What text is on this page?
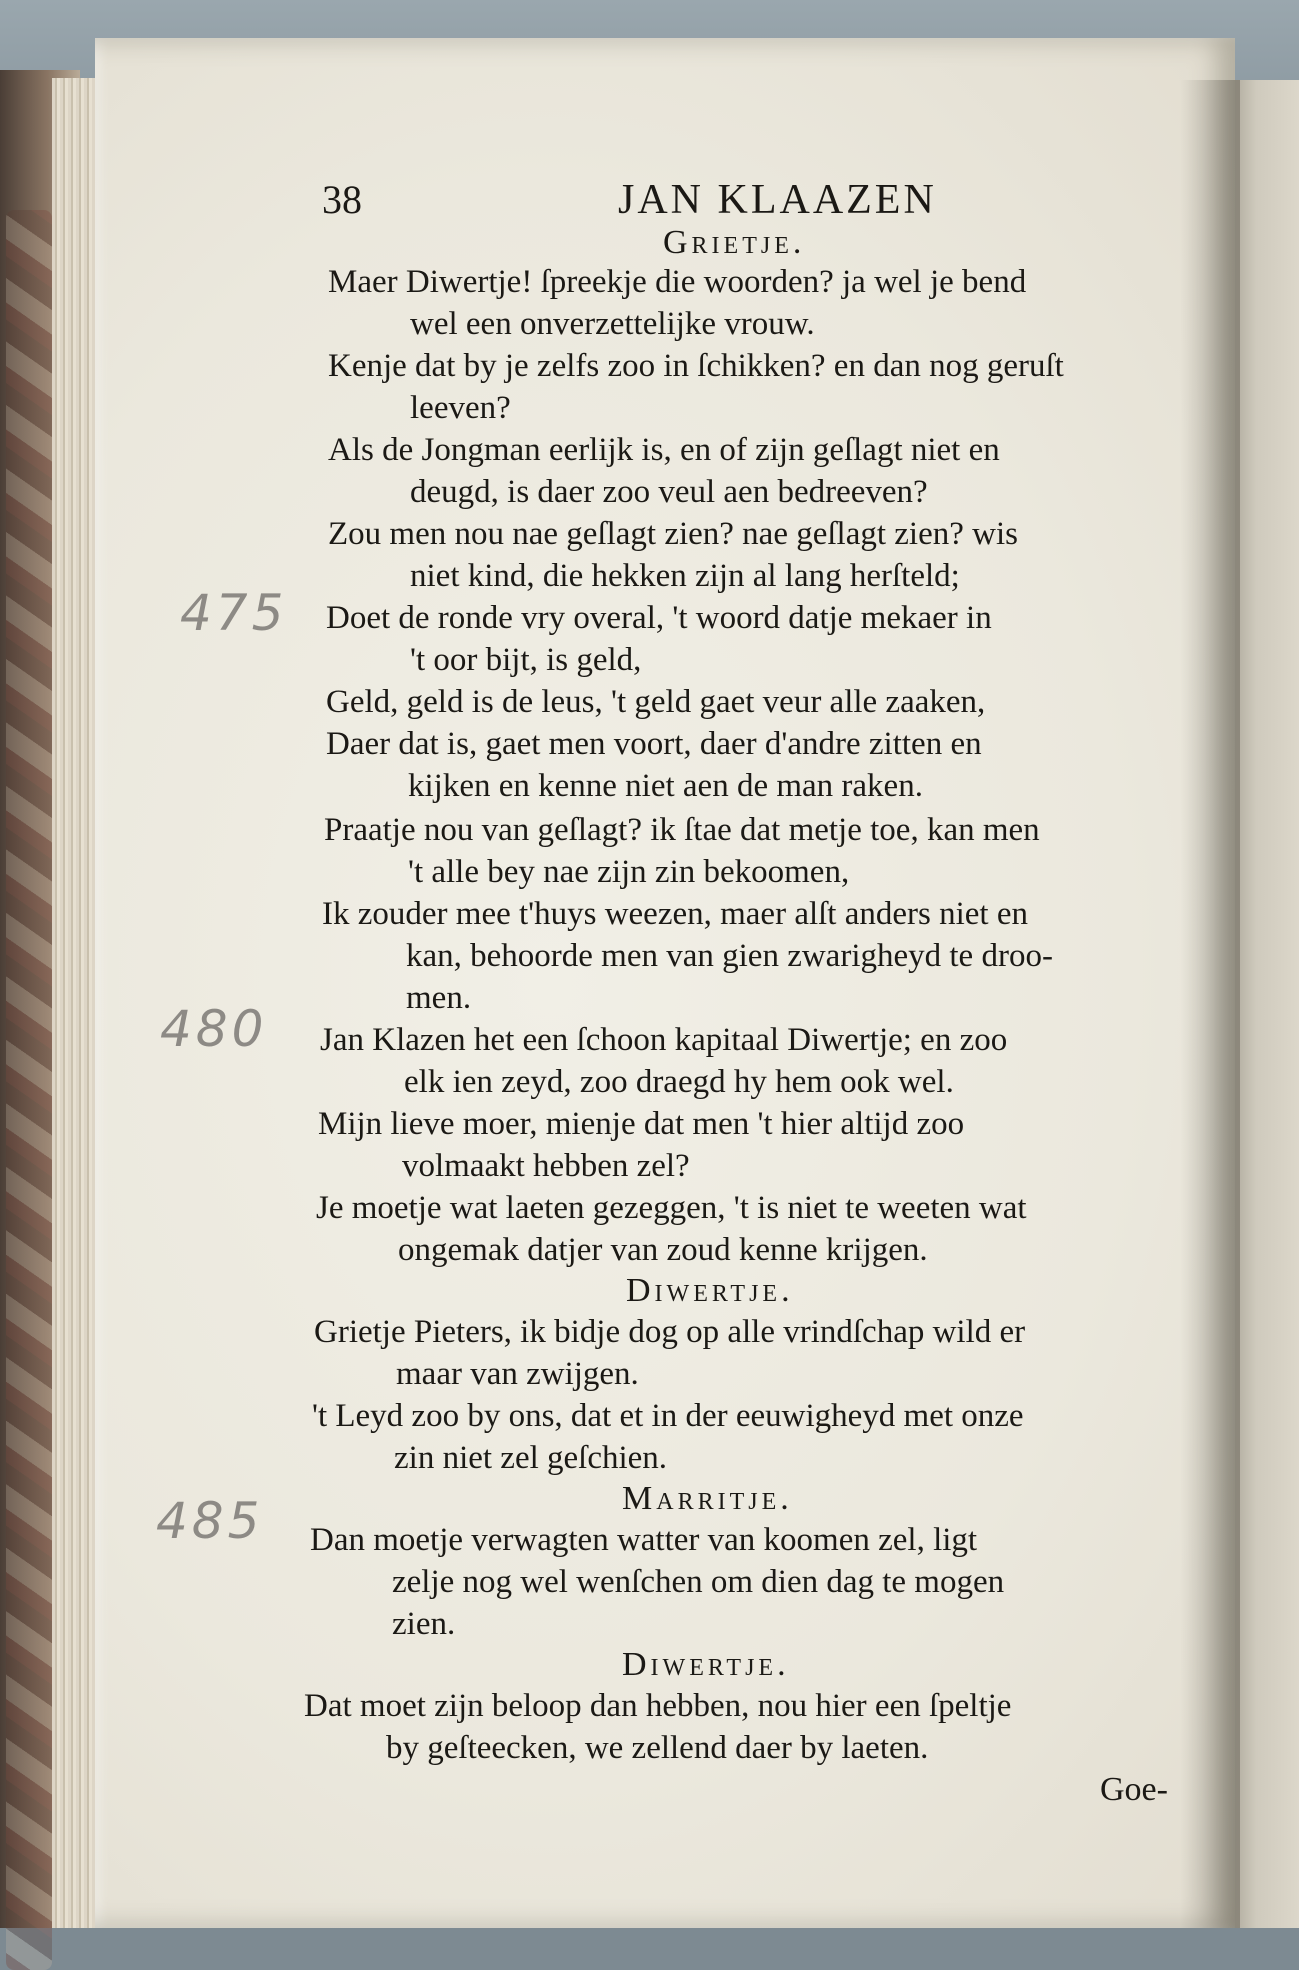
38	JAN KLAAZEN
Grietje.
Maer Diwertje! ſpreekje die woorden? ja wel je bend
wel een onverzettelijke vrouw.
Kenje dat by je zelfs zoo in ſchikken? en dan nog geruſt
leeven?
Als de Jongman eerlijk is, en of zijn geſlagt niet en
deugd, is daer zoo veul aen bedreeven?
Zou men nou nae geſlagt zien? nae geſlagt zien? wis
niet kind, die hekken zijn al lang herſteld;
Doet de ronde vry overal, 't woord datje mekaer in
't oor bijt, is geld,
Geld, geld is de leus, 't geld gaet veur alle zaaken,
Daer dat is, gaet men voort, daer d'andre zitten en
kijken en kenne niet aen de man raken.
Praatje nou van geſlagt? ik ſtae dat metje toe, kan men
't alle bey nae zijn zin bekoomen,
Ik zouder mee t'huys weezen, maer alſt anders niet en
kan, behoorde men van gien zwarigheyd te droo-
men.
Jan Klazen het een ſchoon kapitaal Diwertje; en zoo
elk ien zeyd, zoo draegd hy hem ook wel.
Mijn lieve moer, mienje dat men 't hier altijd zoo
volmaakt hebben zel?
Je moetje wat laeten gezeggen, 't is niet te weeten wat
ongemak datjer van zoud kenne krijgen.
Diwertje.
Grietje Pieters, ik bidje dog op alle vrindſchap wild er
maar van zwijgen.
't Leyd zoo by ons, dat et in der eeuwigheyd met onze
zin niet zel geſchien.
Marritje.
Dan moetje verwagten watter van koomen zel, ligt
zelje nog wel wenſchen om dien dag te mogen
zien.
Diwertje.
Dat moet zijn beloop dan hebben, nou hier een ſpeltje
by geſteecken, we zellend daer by laeten.
Goe-
475
480
485
